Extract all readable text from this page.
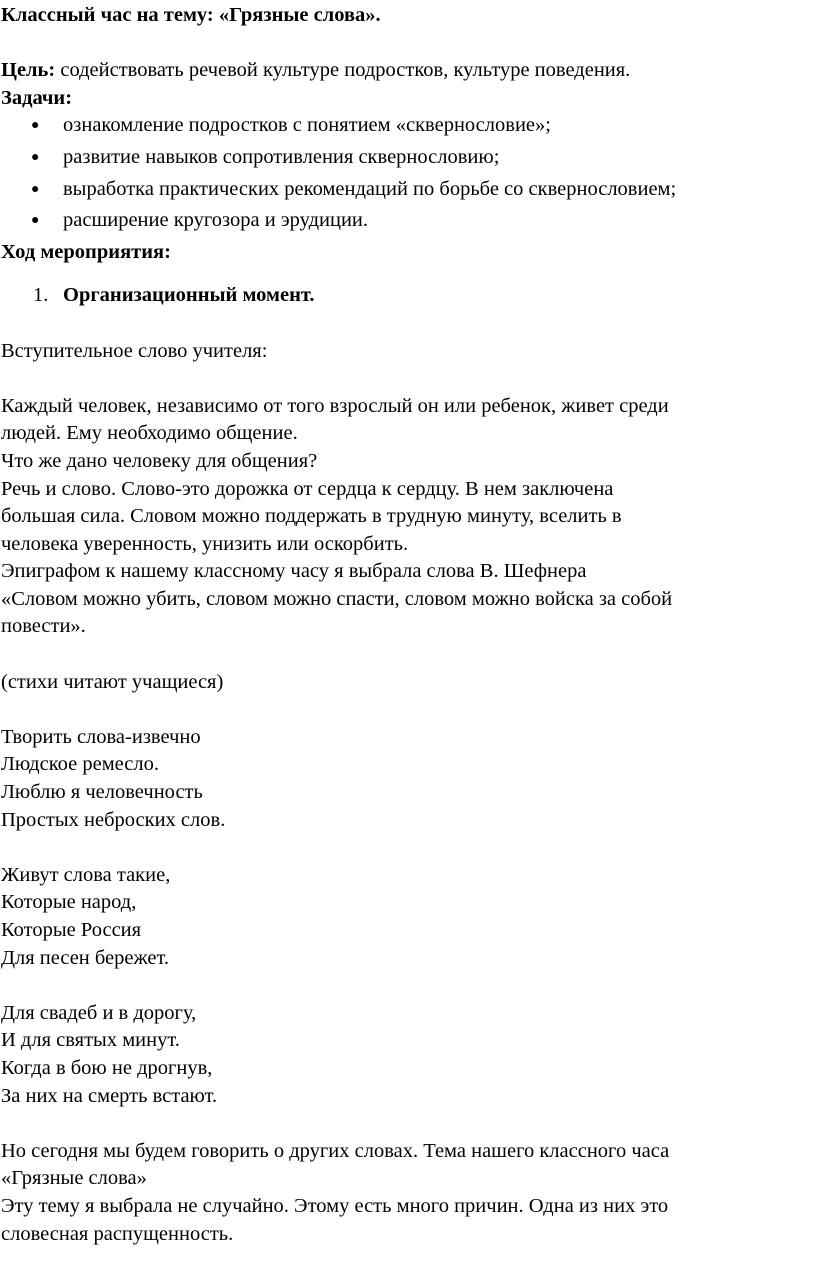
Классный час на тему: «Грязные слова».

Цель: содействовать речевой культуре подростков, культуре поведения.

Задачи:

● ознакомление подростков с понятием «сквернословие»;
● развитие навыков сопротивления сквернословию;
● выработка практических рекомендаций по борьбе со сквернословием;
● расширение кругозора и эрудиции.

Ход мероприятия:

1. Организационный момент.

Вступительное слово учителя:

Каждый человек, независимо от того взрослый он или ребенок, живет среди

людей. Ему необходимо общение.

Что же дано человеку для общения?

Речь и слово. Слово-это дорожка от сердца к сердцу. В нем заключена

большая сила. Словом можно поддержать в трудную минуту, вселить в

человека уверенность, унизить или оскорбить.

Эпиграфом к нашему классному часу я выбрала слова В. Шефнера

«Словом можно убить, словом можно спасти, словом можно войска за собой

повести».

(стихи читают учащиеся)

Творить слова-извечно

Людское ремесло.

Люблю я человечность

Простых неброских слов.

Живут слова такие,

Которые народ,

Которые Россия

Для песен бережет.

Для свадеб и в дорогу,

И для святых минут.

Когда в бою не дрогнув,

За них на смерть встают.

Но сегодня мы будем говорить о других словах. Тема нашего классного часа

«Грязные слова»

Эту тему я выбрала не случайно. Этому есть много причин. Одна из них это

словесная распущенность.
